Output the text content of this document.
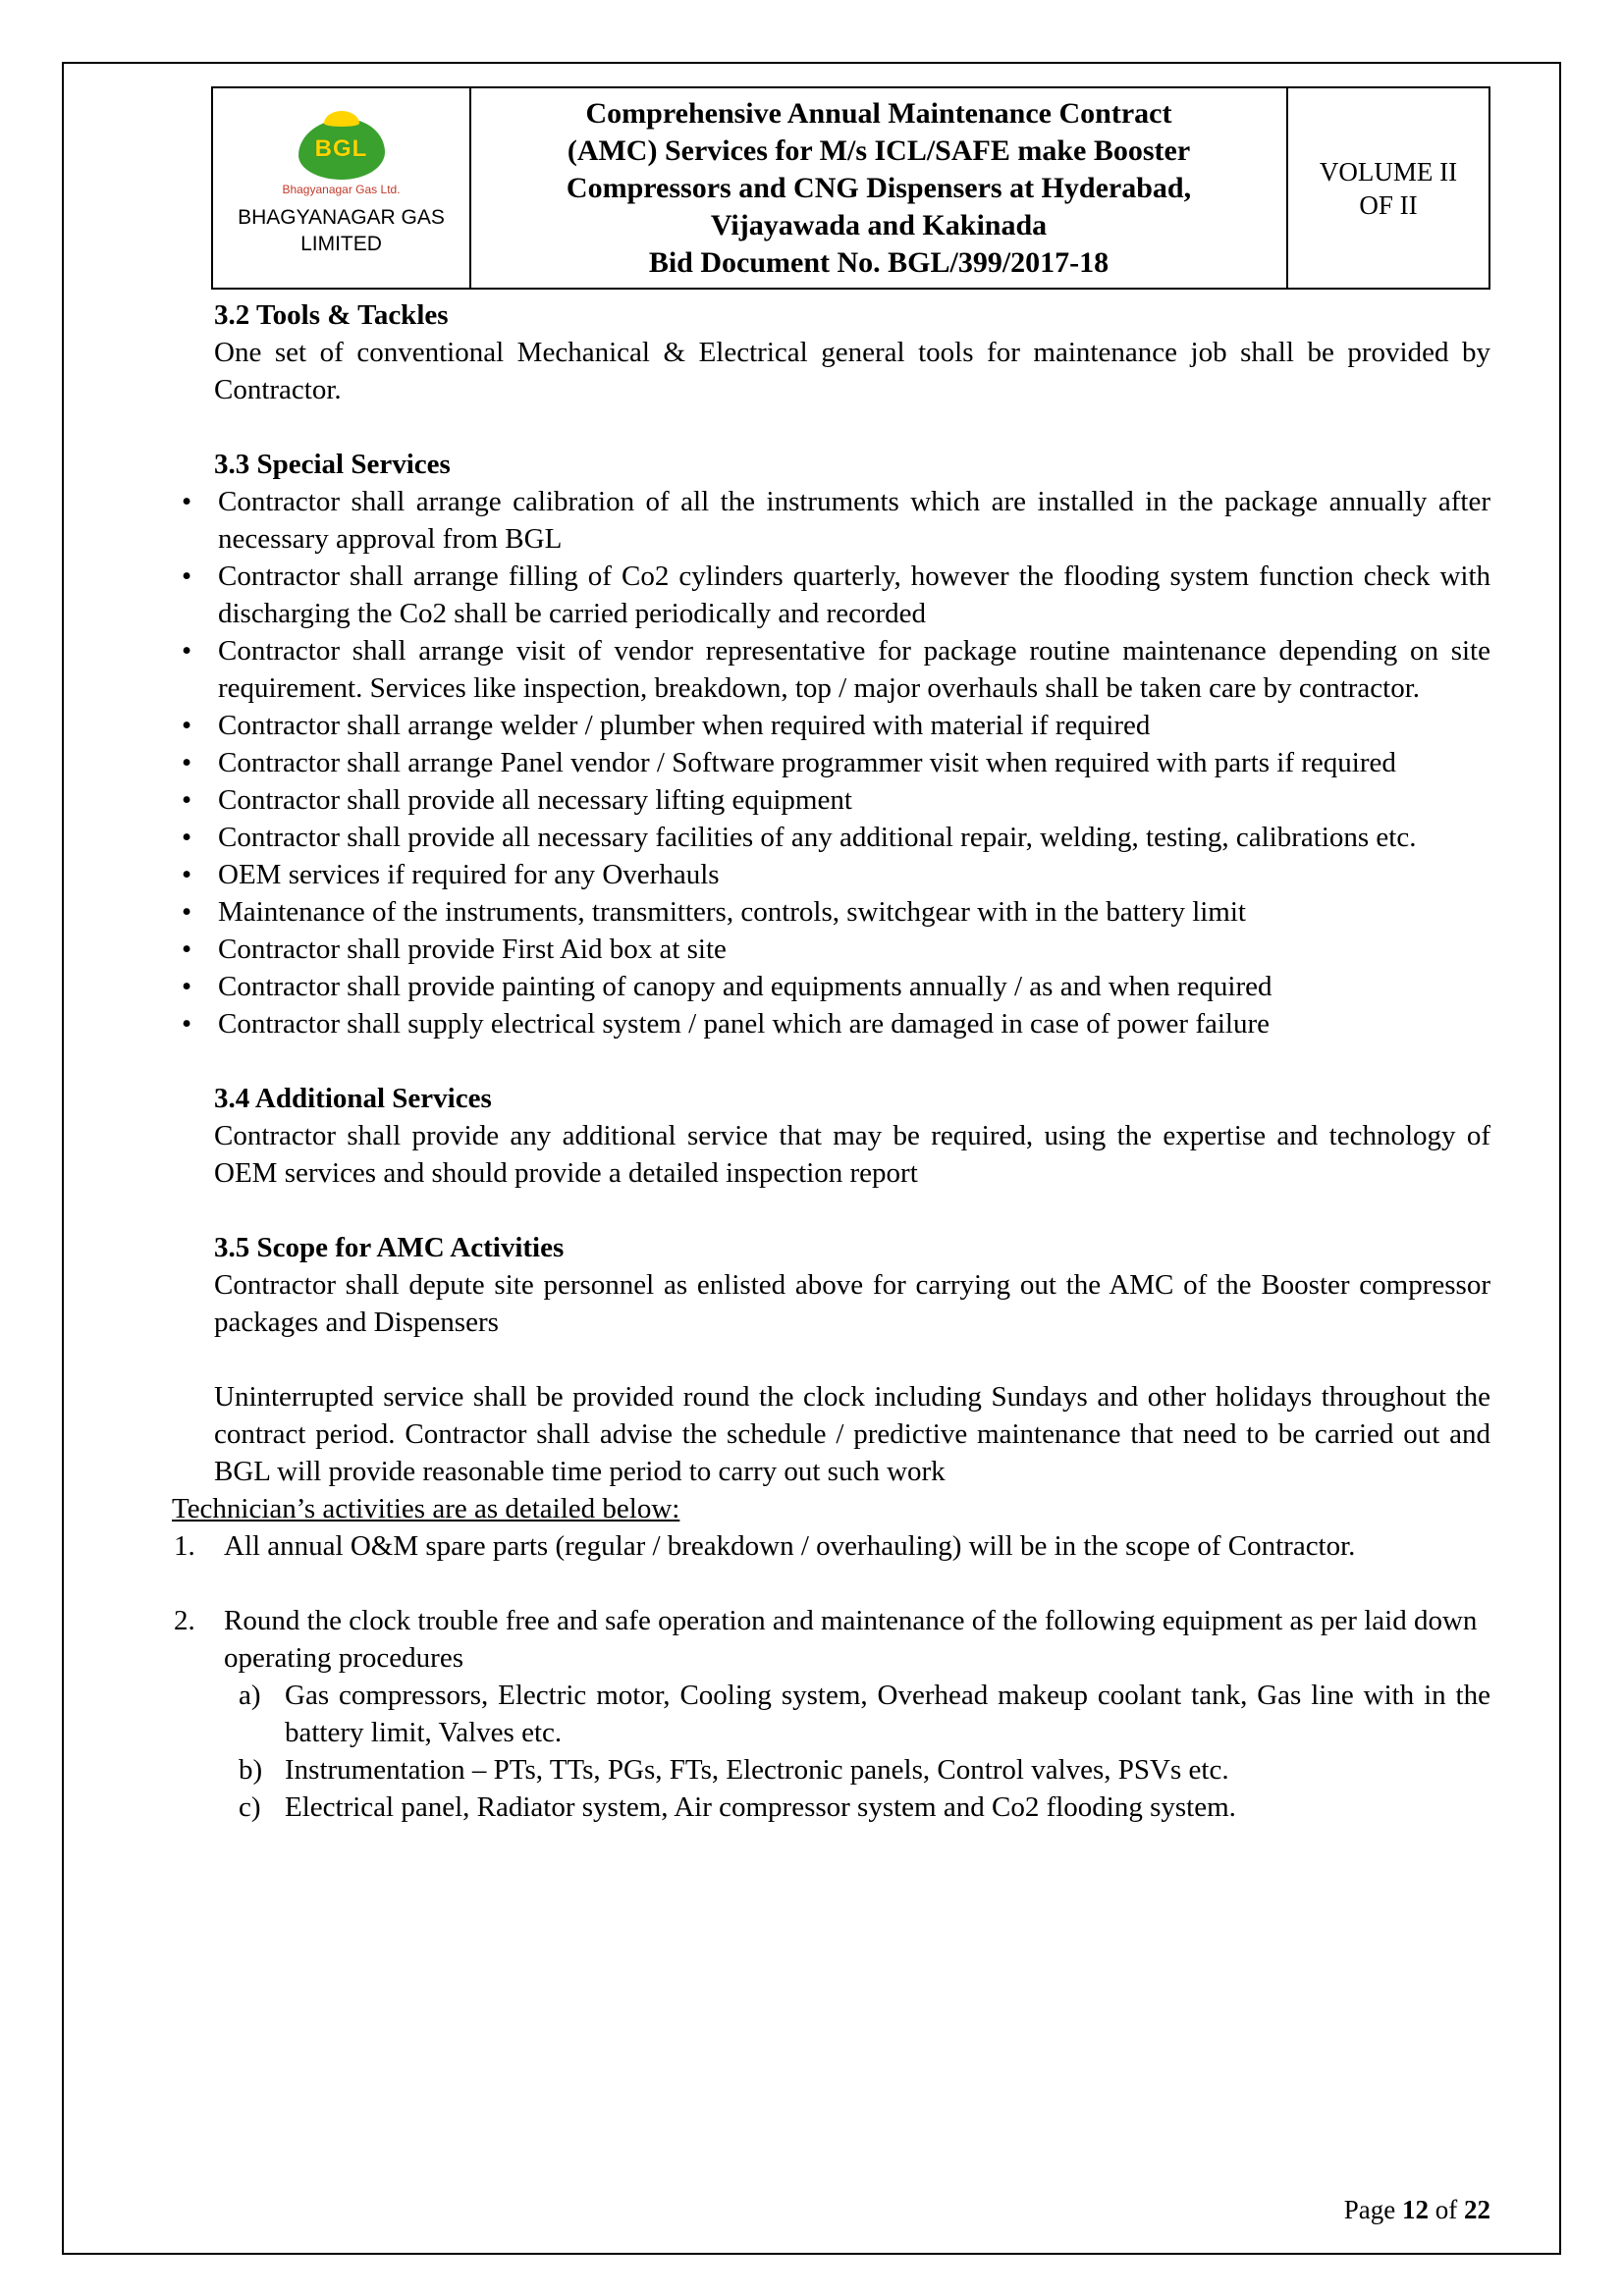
BGL
Bhagyanagar Gas Ltd.
BHAGYANAGAR GAS
LIMITED
Comprehensive Annual Maintenance Contract
(AMC) Services for M/s ICL/SAFE make Booster
Compressors and CNG Dispensers at Hyderabad,
Vijayawada and Kakinada
Bid Document No. BGL/399/2017-18
VOLUME II
OF II
3.2 Tools & Tackles
One set of conventional Mechanical & Electrical general tools for maintenance job shall be provided by Contractor.
3.3 Special Services
• Contractor shall arrange calibration of all the instruments which are installed in the package annually after necessary approval from BGL
• Contractor shall arrange filling of Co2 cylinders quarterly, however the flooding system function check with discharging the Co2 shall be carried periodically and recorded
• Contractor shall arrange visit of vendor representative for package routine maintenance depending on site requirement. Services like inspection, breakdown, top / major overhauls shall be taken care by contractor.
• Contractor shall arrange welder / plumber when required with material if required
• Contractor shall arrange Panel vendor / Software programmer visit when required with parts if required
• Contractor shall provide all necessary lifting equipment
• Contractor shall provide all necessary facilities of any additional repair, welding, testing, calibrations etc.
• OEM services if required for any Overhauls
• Maintenance of the instruments, transmitters, controls, switchgear with in the battery limit
• Contractor shall provide First Aid box at site
• Contractor shall provide painting of canopy and equipments annually / as and when required
• Contractor shall supply electrical system / panel which are damaged in case of power failure
3.4 Additional Services
Contractor shall provide any additional service that may be required, using the expertise and technology of OEM services and should provide a detailed inspection report
3.5 Scope for AMC Activities
Contractor shall depute site personnel as enlisted above for carrying out the AMC of the Booster compressor packages and Dispensers
Uninterrupted service shall be provided round the clock including Sundays and other holidays throughout the contract period. Contractor shall advise the schedule / predictive maintenance that need to be carried out and BGL will provide reasonable time period to carry out such work
Technician’s activities are as detailed below:
1. All annual O&M spare parts (regular / breakdown / overhauling) will be in the scope of Contractor.
2. Round the clock trouble free and safe operation and maintenance of the following equipment as per laid down operating procedures
a) Gas compressors, Electric motor, Cooling system, Overhead makeup coolant tank, Gas line with in the battery limit, Valves etc.
b) Instrumentation – PTs, TTs, PGs, FTs, Electronic panels, Control valves, PSVs etc.
c) Electrical panel, Radiator system, Air compressor system and Co2 flooding system.
Page 12 of 22
